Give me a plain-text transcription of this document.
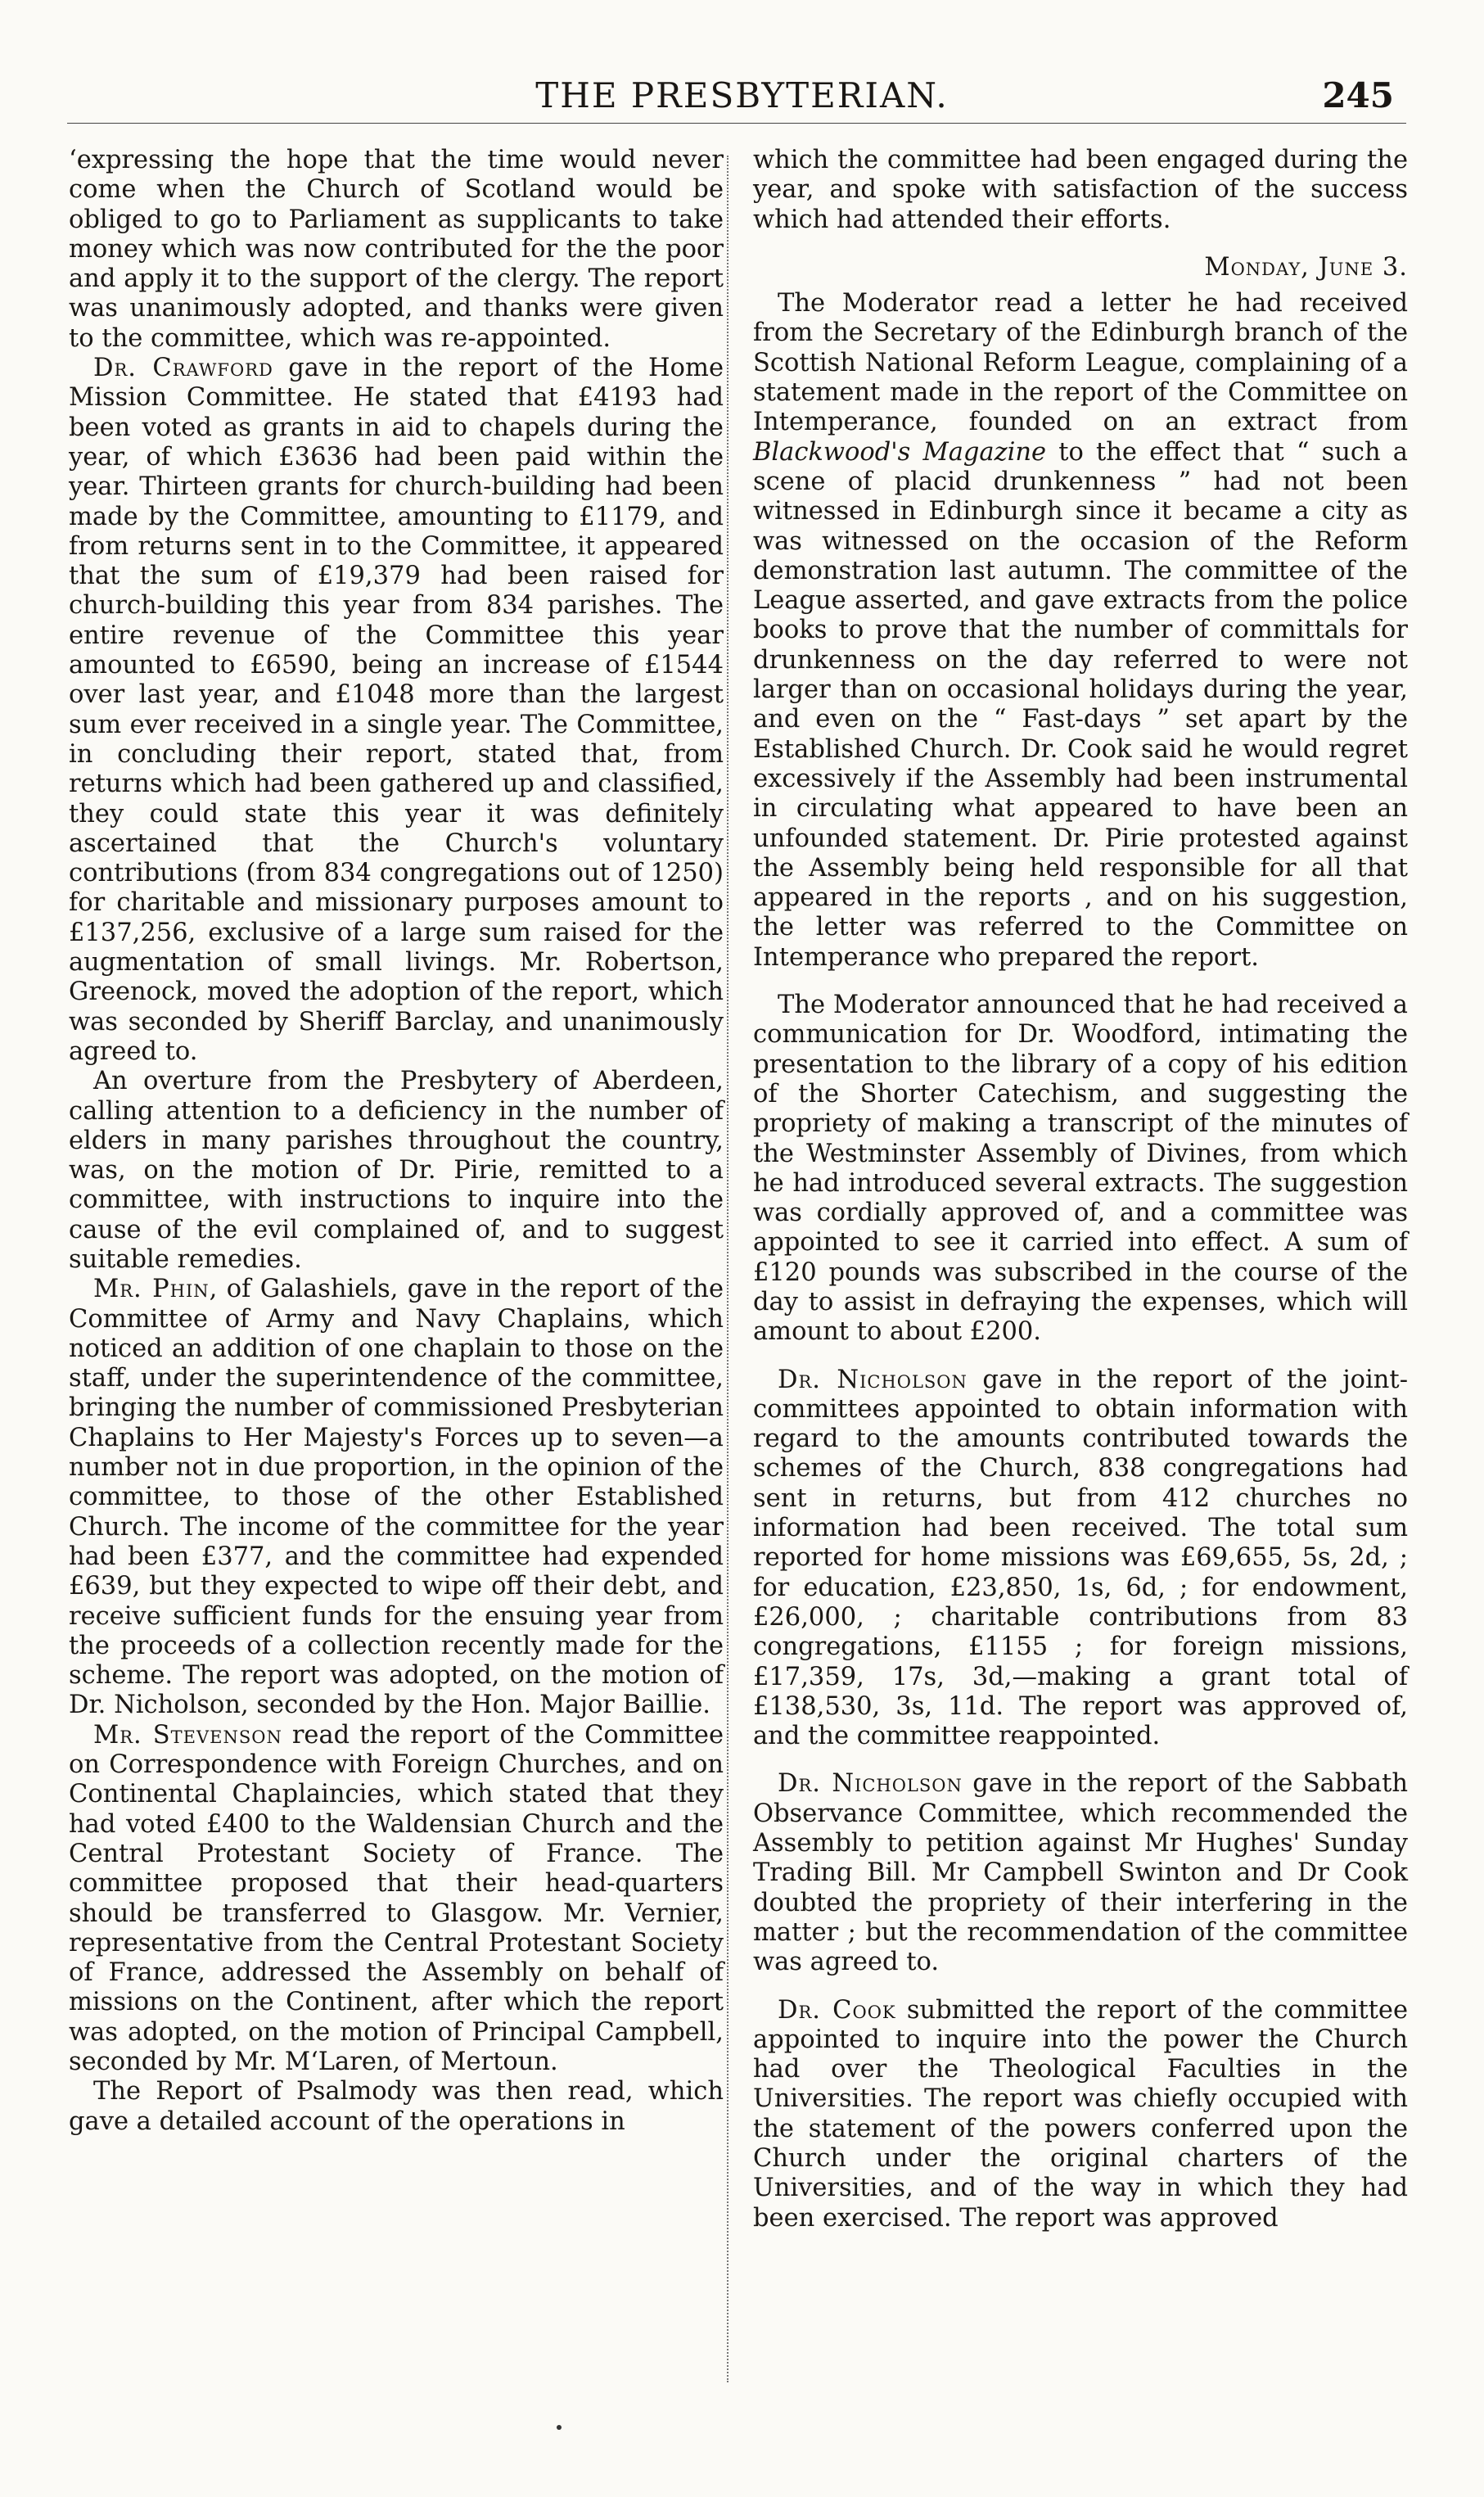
THE PRESBYTERIAN.	245

‘expressing the hope that the time would never come when the Church of Scotland would be obliged to go to Parliament as supplicants to take money which was now contributed for the the poor and apply it to the support of the clergy. The report was unanimously adopted, and thanks were given to the committee, which was re-appointed.

Dr. Crawford gave in the report of the Home Mission Committee. He stated that £4193 had been voted as grants in aid to chapels during the year, of which £3636 had been paid within the year. Thirteen grants for church-building had been made by the Committee, amounting to £1179, and from returns sent in to the Committee, it appeared that the sum of £19,379 had been raised for church-building this year from 834 parishes. The entire revenue of the Committee this year amounted to £6590, being an increase of £1544 over last year, and £1048 more than the largest sum ever received in a single year. The Committee, in concluding their report, stated that, from returns which had been gathered up and classified, they could state this year it was definitely ascertained that the Church's voluntary contributions (from 834 congregations out of 1250) for charitable and missionary purposes amount to £137,256, exclusive of a large sum raised for the augmentation of small livings. Mr. Robertson, Greenock, moved the adoption of the report, which was seconded by Sheriff Barclay, and unanimously agreed to.

An overture from the Presbytery of Aberdeen, calling attention to a deficiency in the number of elders in many parishes throughout the country, was, on the motion of Dr. Pirie, remitted to a committee, with instructions to inquire into the cause of the evil complained of, and to suggest suitable remedies.

Mr. Phin, of Galashiels, gave in the report of the Committee of Army and Navy Chaplains, which noticed an addition of one chaplain to those on the staff, under the superintendence of the committee, bringing the number of commissioned Presbyterian Chaplains to Her Majesty's Forces up to seven—a number not in due proportion, in the opinion of the committee, to those of the other Established Church. The income of the committee for the year had been £377, and the committee had expended £639, but they expected to wipe off their debt, and receive sufficient funds for the ensuing year from the proceeds of a collection recently made for the scheme. The report was adopted, on the motion of Dr. Nicholson, seconded by the Hon. Major Baillie.

Mr. Stevenson read the report of the Committee on Correspondence with Foreign Churches, and on Continental Chaplaincies, which stated that they had voted £400 to the Waldensian Church and the Central Protestant Society of France. The committee proposed that their head-quarters should be transferred to Glasgow. Mr. Vernier, representative from the Central Protestant Society of France, addressed the Assembly on behalf of missions on the Continent, after which the report was adopted, on the motion of Principal Campbell, seconded by Mr. M‘Laren, of Mertoun.

The Report of Psalmody was then read, which gave a detailed account of the operations in

which the committee had been engaged during the year, and spoke with satisfaction of the success which had attended their efforts.

Monday, June 3.

The Moderator read a letter he had received from the Secretary of the Edinburgh branch of the Scottish National Reform League, complaining of a statement made in the report of the Committee on Intemperance, founded on an extract from Blackwood's Magazine to the effect that “ such a scene of placid drunkenness ” had not been witnessed in Edinburgh since it became a city as was witnessed on the occasion of the Reform demonstration last autumn. The committee of the League asserted, and gave extracts from the police books to prove that the number of committals for drunkenness on the day referred to were not larger than on occasional holidays during the year, and even on the “ Fast-days ” set apart by the Established Church. Dr. Cook said he would regret excessively if the Assembly had been instrumental in circulating what appeared to have been an unfounded statement. Dr. Pirie protested against the Assembly being held responsible for all that appeared in the reports , and on his suggestion, the letter was referred to the Committee on Intemperance who prepared the report.

The Moderator announced that he had received a communication for Dr. Woodford, intimating the presentation to the library of a copy of his edition of the Shorter Catechism, and suggesting the propriety of making a transcript of the minutes of the Westminster Assembly of Divines, from which he had introduced several extracts. The suggestion was cordially approved of, and a committee was appointed to see it carried into effect. A sum of £120 pounds was subscribed in the course of the day to assist in defraying the expenses, which will amount to about £200.

Dr. Nicholson gave in the report of the joint-committees appointed to obtain information with regard to the amounts contributed towards the schemes of the Church, 838 congregations had sent in returns, but from 412 churches no information had been received. The total sum reported for home missions was £69,655, 5s, 2d, ; for education, £23,850, 1s, 6d, ; for endowment, £26,000, ; charitable contributions from 83 congregations, £1155 ; for foreign missions, £17,359, 17s, 3d,—making a grant total of £138,530, 3s, 11d. The report was approved of, and the committee reappointed.

Dr. Nicholson gave in the report of the Sabbath Observance Committee, which recommended the Assembly to petition against Mr Hughes' Sunday Trading Bill. Mr Campbell Swinton and Dr Cook doubted the propriety of their interfering in the matter ; but the recommendation of the committee was agreed to.

Dr. Cook submitted the report of the committee appointed to inquire into the power the Church had over the Theological Faculties in the Universities. The report was chiefly occupied with the statement of the powers conferred upon the Church under the original charters of the Universities, and of the way in which they had been exercised. The report was approved
